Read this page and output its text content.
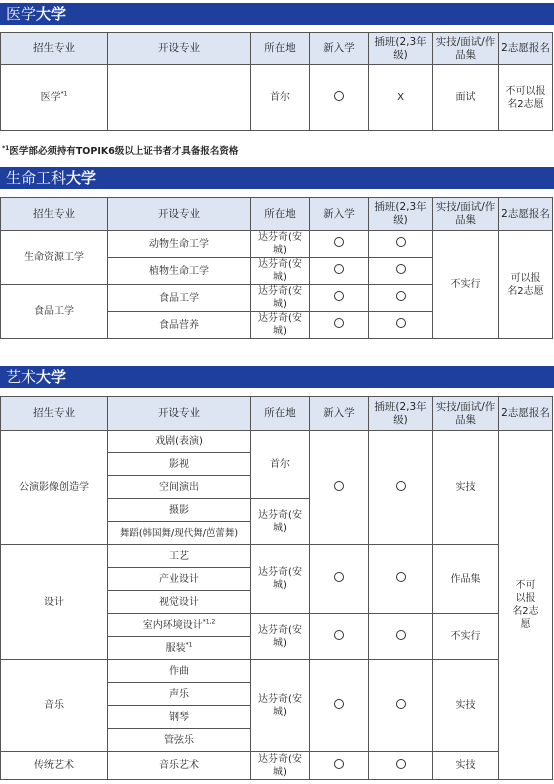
医学大学
招生专业	开设专业	所在地	新入学	插班(2,3年级)	实技/面试/作品集	2志愿报名
医学$^{*1}$		首尔		X	面试	不可以报名2志愿
$^{*1}$医学部必须持有TOPIK6级以上证书者才具备报名资格
生命工科大学
招生专业	开设专业	所在地	新入学	插班(2,3年级)	实技/面试/作品集	2志愿报名
生命资源工学	动物生命工学	达芬奇(安城)			不实行	可以报名2志愿
	植物生命工学	达芬奇(安城)				
食品工学	食品工学	达芬奇(安城)				
	食品营养	达芬奇(安城)				
艺术大学
招生专业	开设专业	所在地	新入学	插班(2,3年级)	实技/面试/作品集	2志愿报名
公演影像创造学	戏剧(表演)	首尔			实技	不可以报名2志愿
	影视					
	空间演出					
	摄影	达芬奇(安城)				
	舞蹈(韩国舞/现代舞/芭蕾舞)					
设计	工艺	达芬奇(安城)			作品集	
	产业设计					
	视觉设计					
	室内环境设计$^{*1,2}$	达芬奇(安城)			不实行	
	服装$^{*1}$
音乐	作曲	达芬奇(安城)			实技	
	声乐					
	钢琴					
	管弦乐					
传统艺术	音乐艺术	达芬奇(安城)			实技	
